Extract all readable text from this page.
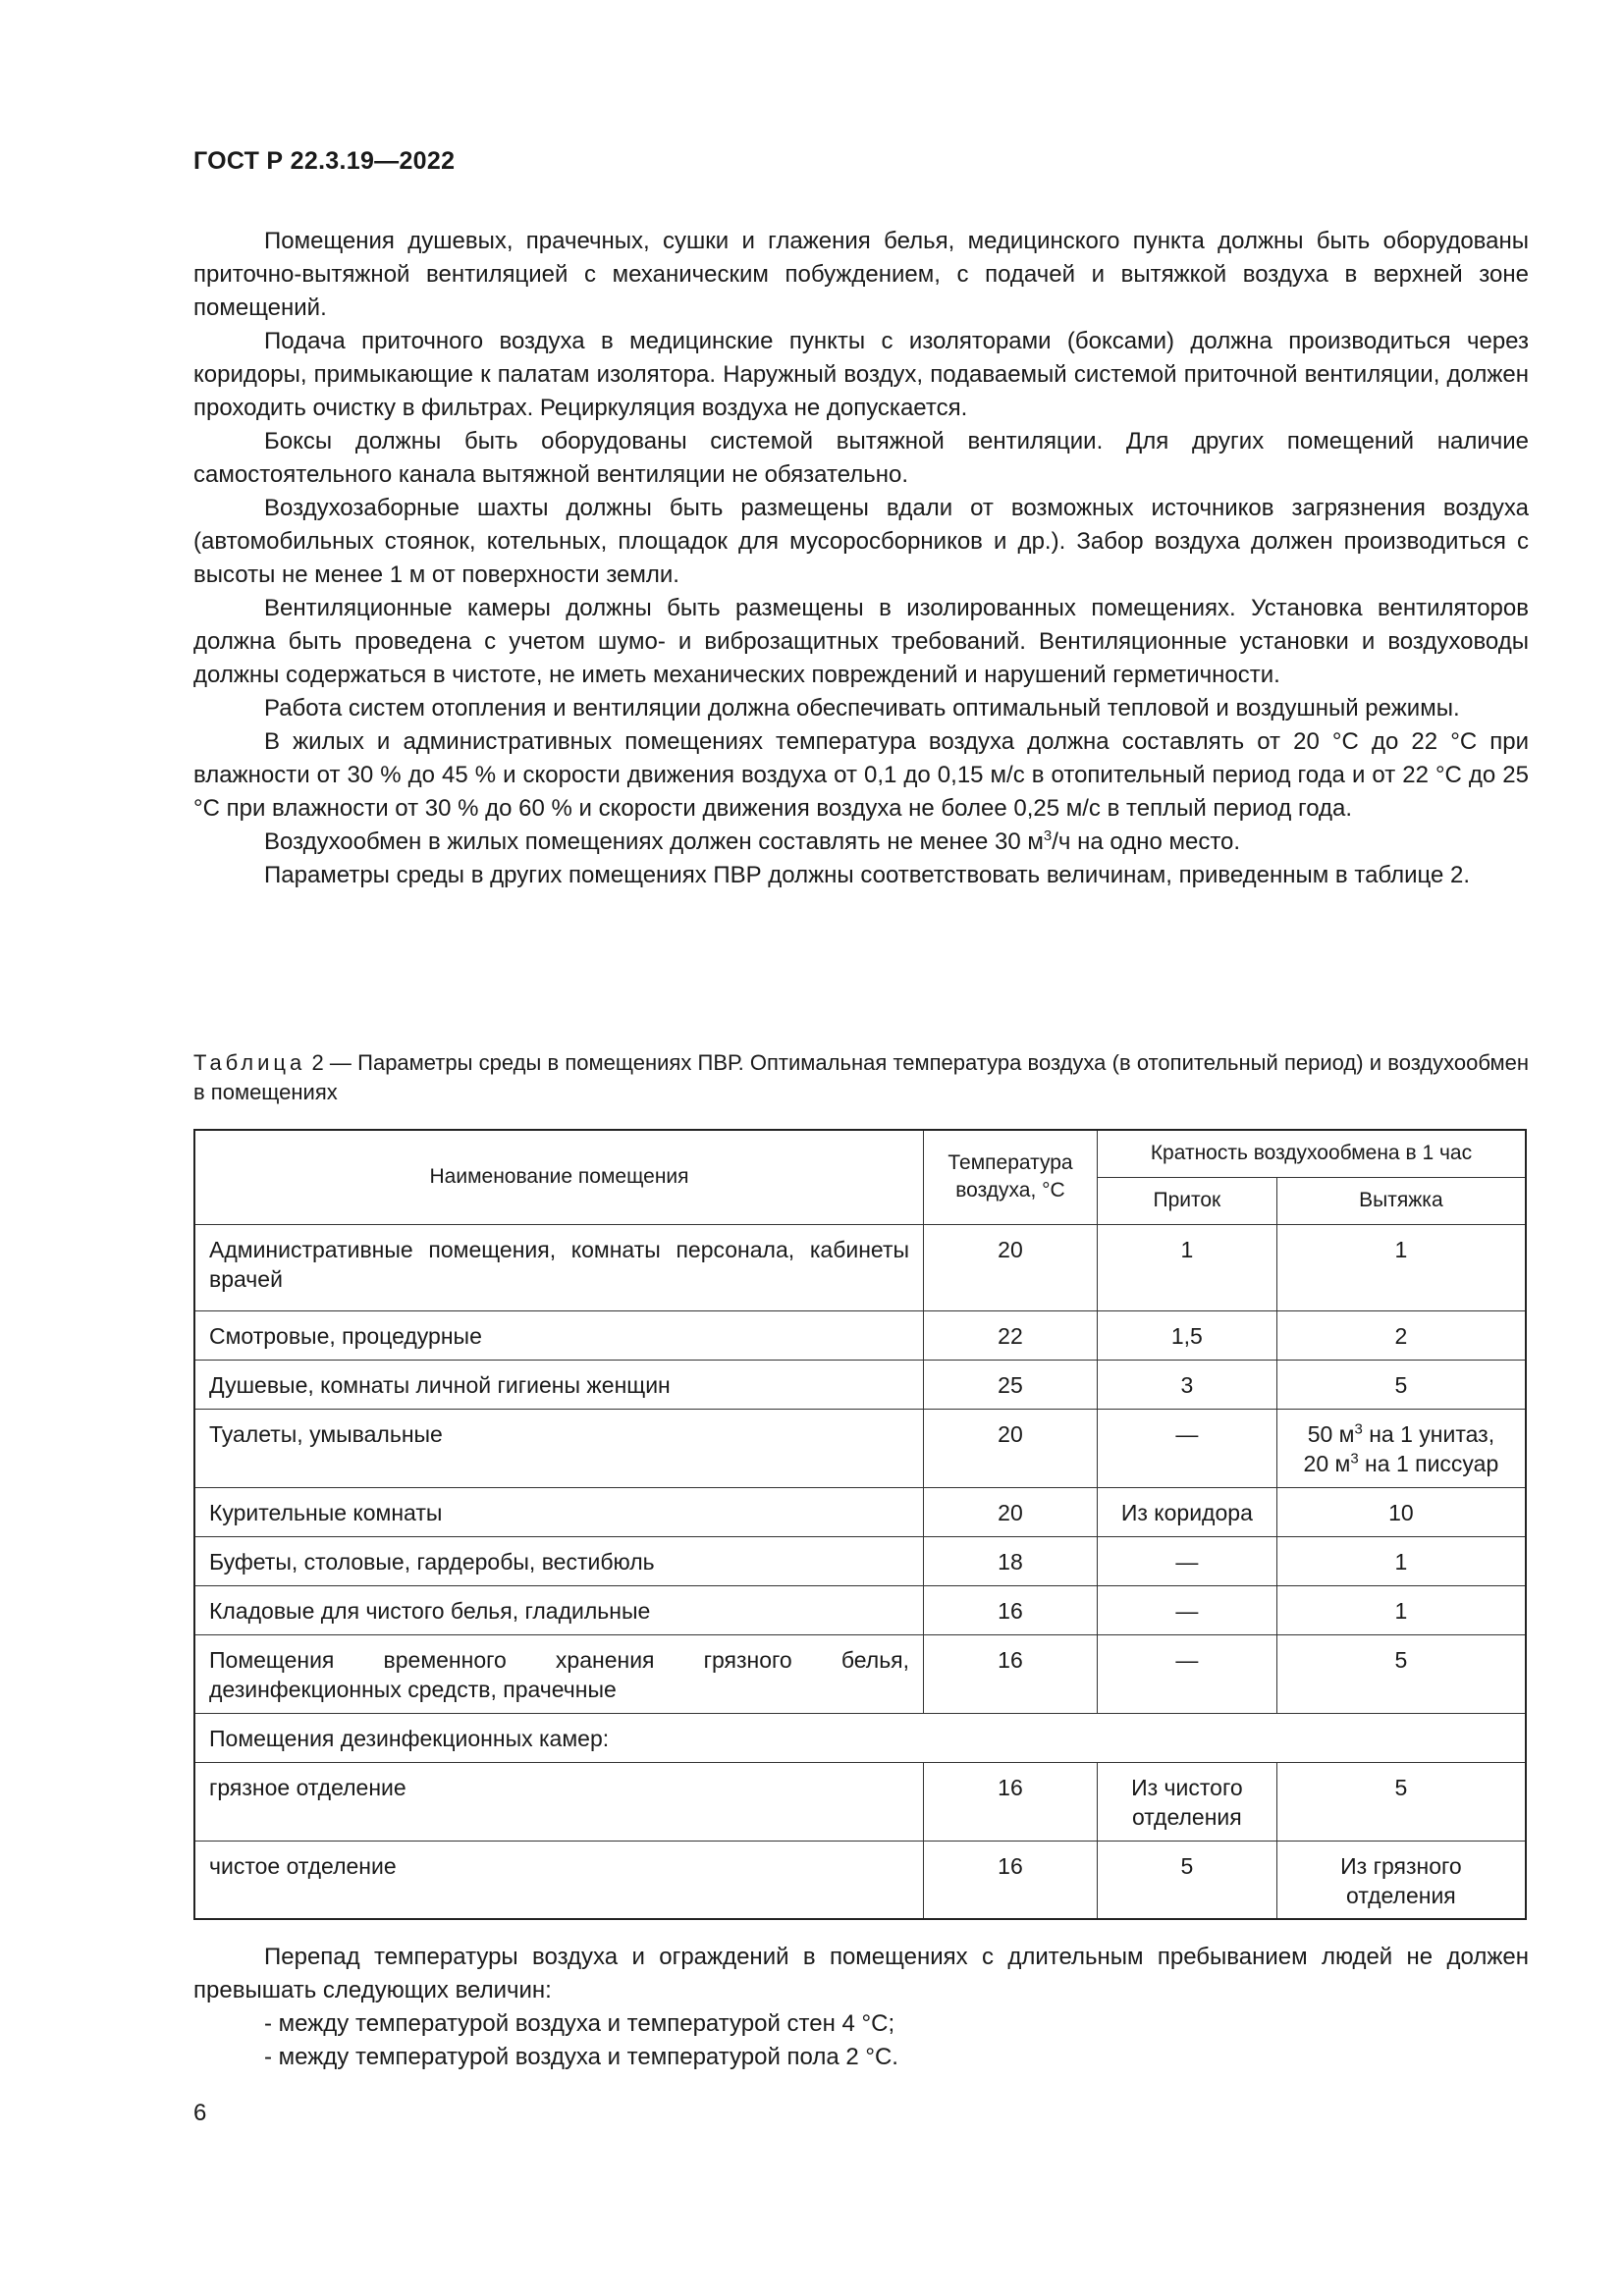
ГОСТ Р 22.3.19—2022

Помещения душевых, прачечных, сушки и глажения белья, медицинского пункта должны быть оборудованы приточно-вытяжной вентиляцией с механическим побуждением, с подачей и вытяжкой воздуха в верхней зоне помещений.

Подача приточного воздуха в медицинские пункты с изоляторами (боксами) должна производиться через коридоры, примыкающие к палатам изолятора. Наружный воздух, подаваемый системой приточной вентиляции, должен проходить очистку в фильтрах. Рециркуляция воздуха не допускается.

Боксы должны быть оборудованы системой вытяжной вентиляции. Для других помещений наличие самостоятельного канала вытяжной вентиляции не обязательно.

Воздухозаборные шахты должны быть размещены вдали от возможных источников загрязнения воздуха (автомобильных стоянок, котельных, площадок для мусоросборников и др.). Забор воздуха должен производиться с высоты не менее 1 м от поверхности земли.

Вентиляционные камеры должны быть размещены в изолированных помещениях. Установка вентиляторов должна быть проведена с учетом шумо- и виброзащитных требований. Вентиляционные установки и воздуховоды должны содержаться в чистоте, не иметь механических повреждений и нарушений герметичности.

Работа систем отопления и вентиляции должна обеспечивать оптимальный тепловой и воздушный режимы.

В жилых и административных помещениях температура воздуха должна составлять от 20 °С до 22 °С при влажности от 30 % до 45 % и скорости движения воздуха от 0,1 до 0,15 м/с в отопительный период года и от 22 °С до 25 °С при влажности от 30 % до 60 % и скорости движения воздуха не более 0,25 м/с в теплый период года.

Воздухообмен в жилых помещениях должен составлять не менее 30 $м^3/ч$ на одно место.

Параметры среды в других помещениях ПВР должны соответствовать величинам, приведенным в таблице 2.

Таблица 2 — Параметры среды в помещениях ПВР. Оптимальная температура воздуха (в отопительный период) и воздухообмен в помещениях
Наименование помещения	Температура воздуха, °С	Кратность воздухообмена в 1 час	
		Приток	Вытяжка
Административные помещения, комнаты персонала, кабинеты врачей	20	1	1
Смотровые, процедурные	22	1,5	2
Душевые, комнаты личной гигиены женщин	25	3	5
Туалеты, умывальные	20	—	50 $м^3$ на 1 унитаз,
20 $м^3$ на 1 писсуар

Курительные комнаты	20	Из коридора	10
Буфеты, столовые, гардеробы, вестибюль	18	—	1
Кладовые для чистого белья, гладильные	16	—	1
Помещения временного хранения грязного белья, дезинфекционных средств, прачечные	16	—	5
Помещения дезинфекционных камер:			
грязное отделение	16	Из чистого отделения	5
чистое отделение	16	5	Из грязного отделения

Перепад температуры воздуха и ограждений в помещениях с длительным пребыванием людей не должен превышать следующих величин:

- между температурой воздуха и температурой стен 4 °С;

- между температурой воздуха и температурой пола 2 °С.

6
